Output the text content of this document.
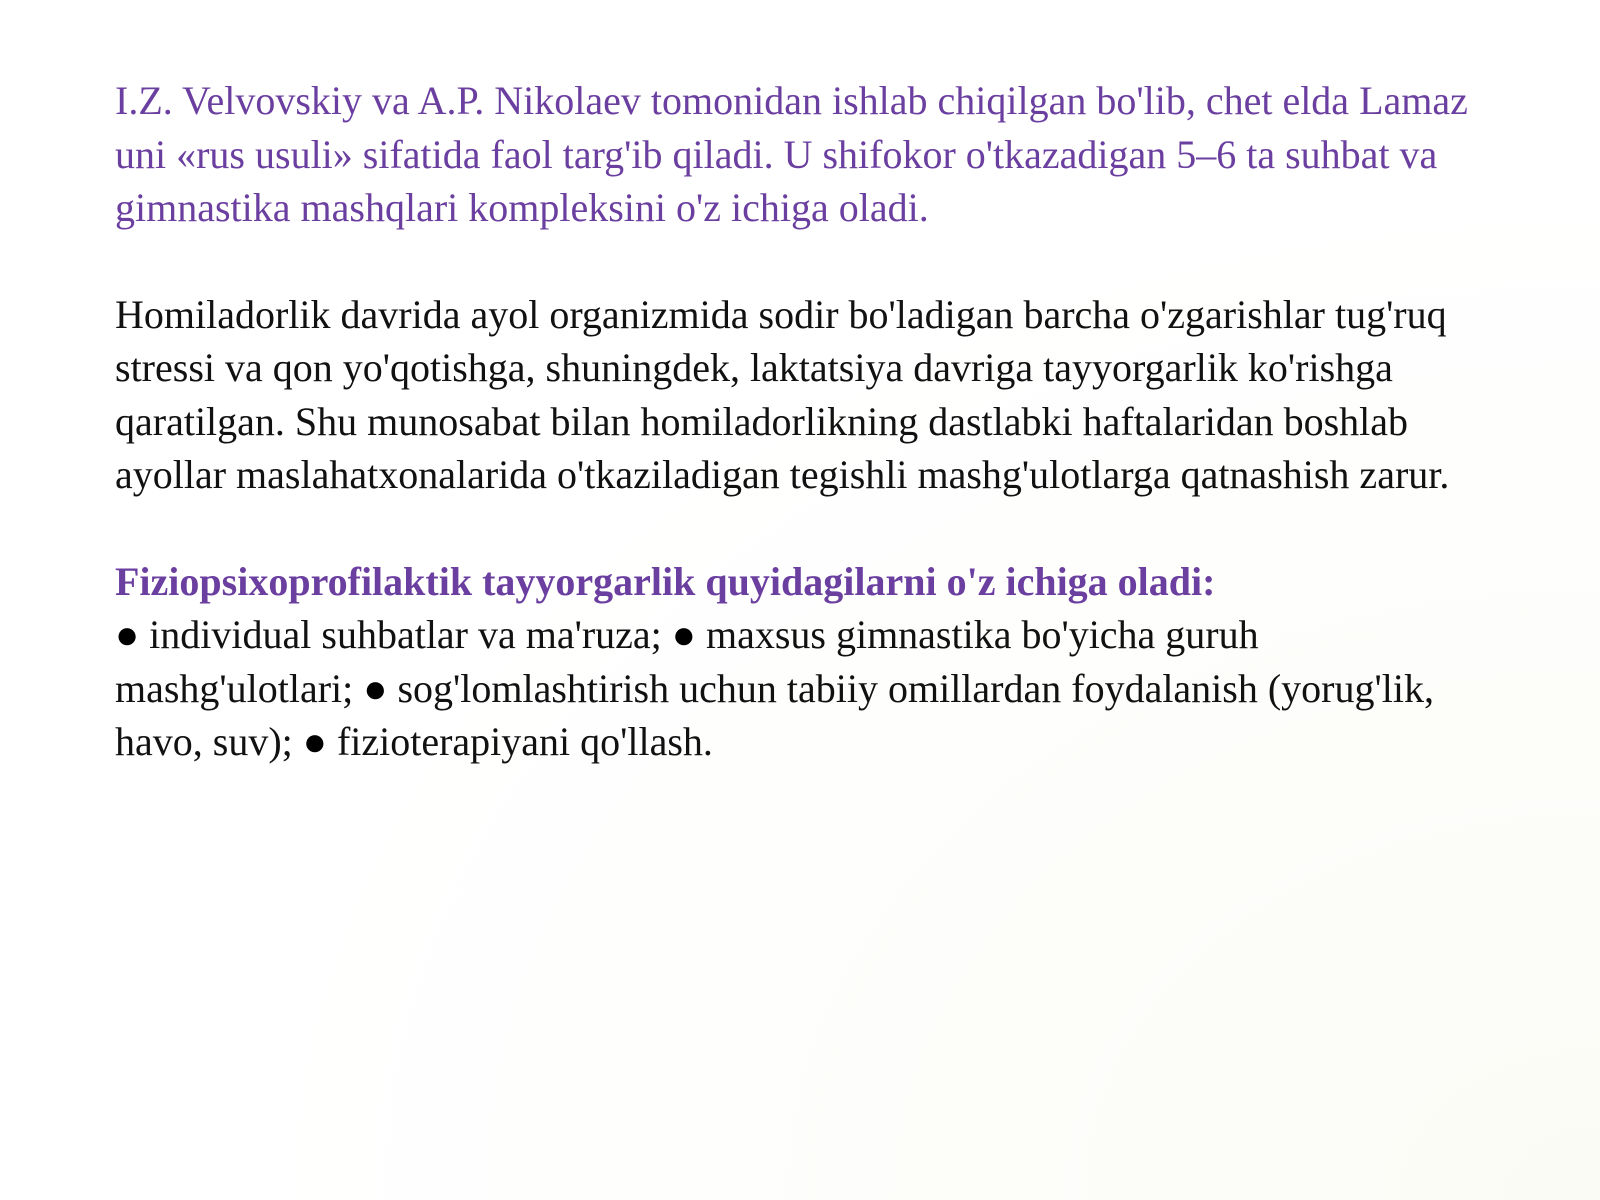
I.Z. Velvovskiy va A.P. Nikolaev tomonidan ishlab chiqilgan bo'lib, chet elda Lamaz uni «rus usuli» sifatida faol targ'ib qiladi. U shifokor o'tkazadigan 5–6 ta suhbat va gimnastika mashqlari kompleksini o'z ichiga oladi.

Homiladorlik davrida ayol organizmida sodir bo'ladigan barcha o'zgarishlar tug'ruq stressi va qon yo'qotishga, shuningdek, laktatsiya davriga tayyorgarlik ko'rishga qaratilgan. Shu munosabat bilan homiladorlikning dastlabki haftalaridan boshlab ayollar maslahatxonalarida o'tkaziladigan tegishli mashg'ulotlarga qatnashish zarur.

Fiziopsixoprofilaktik tayyorgarlik quyidagilarni o'z ichiga oladi:

● individual suhbatlar va ma'ruza; ● maxsus gimnastika bo'yicha guruh mashg'ulotlari; ● sog'lomlashtirish uchun tabiiy omillardan foydalanish (yorug'lik, havo, suv); ● fizioterapiyani qo'llash.
